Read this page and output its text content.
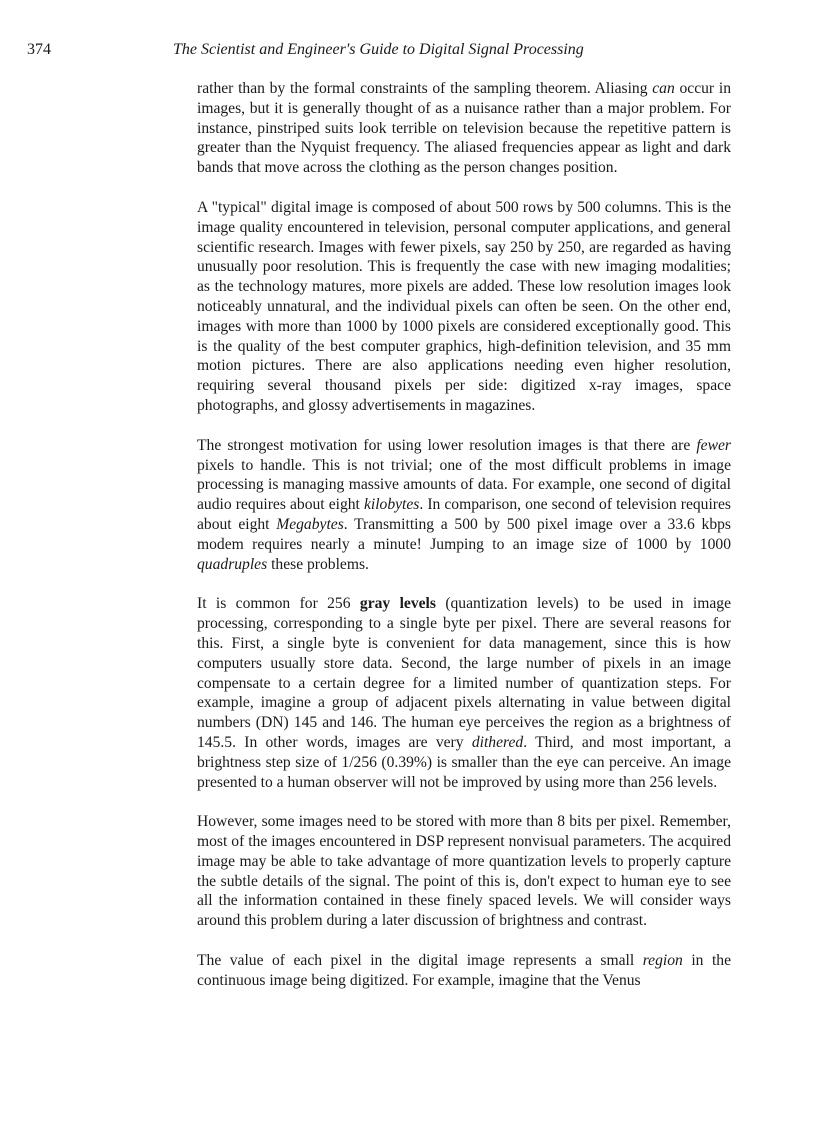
374	The Scientist and Engineer's Guide to Digital Signal Processing

rather than by the formal constraints of the sampling theorem. Aliasing can occur in images, but it is generally thought of as a nuisance rather than a major problem. For instance, pinstriped suits look terrible on television because the repetitive pattern is greater than the Nyquist frequency. The aliased frequencies appear as light and dark bands that move across the clothing as the person changes position.

A "typical" digital image is composed of about 500 rows by 500 columns. This is the image quality encountered in television, personal computer applications, and general scientific research. Images with fewer pixels, say 250 by 250, are regarded as having unusually poor resolution. This is frequently the case with new imaging modalities; as the technology matures, more pixels are added. These low resolution images look noticeably unnatural, and the individual pixels can often be seen. On the other end, images with more than 1000 by 1000 pixels are considered exceptionally good. This is the quality of the best computer graphics, high-definition television, and 35 mm motion pictures. There are also applications needing even higher resolution, requiring several thousand pixels per side: digitized x-ray images, space photographs, and glossy advertisements in magazines.

The strongest motivation for using lower resolution images is that there are fewer pixels to handle. This is not trivial; one of the most difficult problems in image processing is managing massive amounts of data. For example, one second of digital audio requires about eight kilobytes. In comparison, one second of television requires about eight Megabytes. Transmitting a 500 by 500 pixel image over a 33.6 kbps modem requires nearly a minute! Jumping to an image size of 1000 by 1000 quadruples these problems.

It is common for 256 gray levels (quantization levels) to be used in image processing, corresponding to a single byte per pixel. There are several reasons for this. First, a single byte is convenient for data management, since this is how computers usually store data. Second, the large number of pixels in an image compensate to a certain degree for a limited number of quantization steps. For example, imagine a group of adjacent pixels alternating in value between digital numbers (DN) 145 and 146. The human eye perceives the region as a brightness of 145.5. In other words, images are very dithered. Third, and most important, a brightness step size of 1/256 (0.39%) is smaller than the eye can perceive. An image presented to a human observer will not be improved by using more than 256 levels.

However, some images need to be stored with more than 8 bits per pixel. Remember, most of the images encountered in DSP represent nonvisual parameters. The acquired image may be able to take advantage of more quantization levels to properly capture the subtle details of the signal. The point of this is, don't expect to human eye to see all the information contained in these finely spaced levels. We will consider ways around this problem during a later discussion of brightness and contrast.

The value of each pixel in the digital image represents a small region in the continuous image being digitized. For example, imagine that the Venus
